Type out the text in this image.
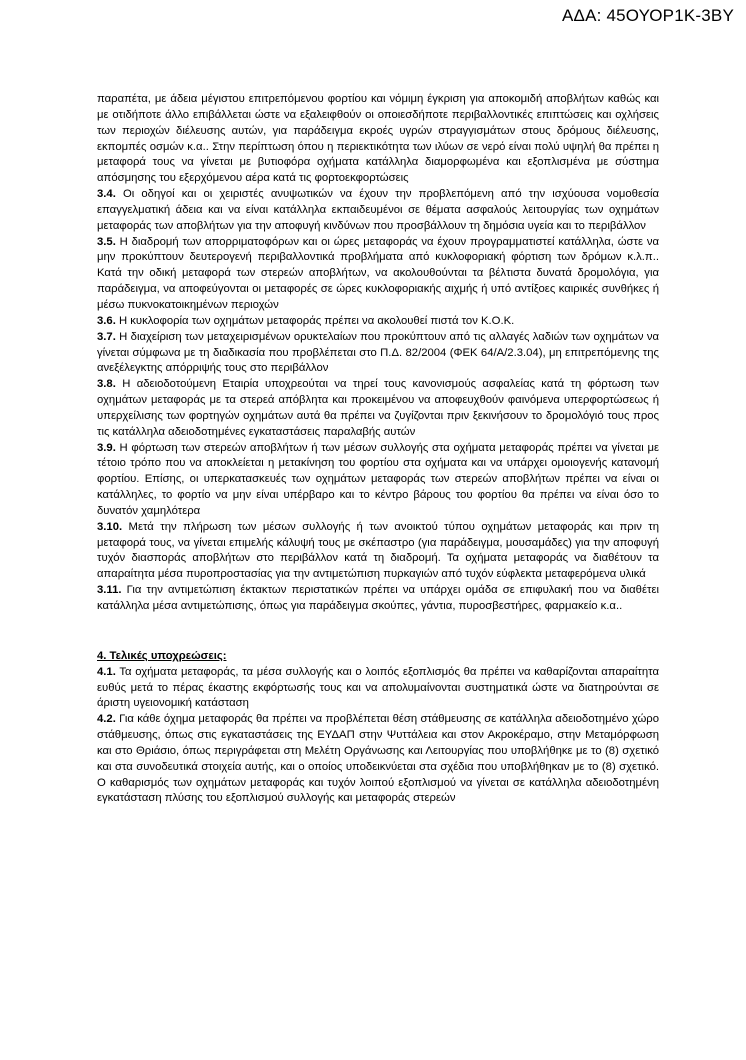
ΑΔΑ: 45ΟΥΟΡ1Κ-3ΒΥ

παραπέτα, με άδεια μέγιστου επιτρεπόμενου φορτίου και νόμιμη έγκριση για αποκομιδή αποβλήτων καθώς και με οτιδήποτε άλλο επιβάλλεται ώστε να εξαλειφθούν οι οποιεσδήποτε περιβαλλοντικές επιπτώσεις και οχλήσεις των περιοχών διέλευσης αυτών, για παράδειγμα εκροές υγρών στραγγισμάτων στους δρόμους διέλευσης, εκπομπές οσμών κ.α.. Στην περίπτωση όπου η περιεκτικότητα των ιλύων σε νερό είναι πολύ υψηλή θα πρέπει η μεταφορά τους να γίνεται με βυτιοφόρα οχήματα κατάλληλα διαμορφωμένα και εξοπλισμένα με σύστημα απόσμησης του εξερχόμενου αέρα κατά τις φορτοεκφορτώσεις

3.4. Οι οδηγοί και οι χειριστές ανυψωτικών να έχουν την προβλεπόμενη από την ισχύουσα νομοθεσία επαγγελματική άδεια και να είναι κατάλληλα εκπαιδευμένοι σε θέματα ασφαλούς λειτουργίας των οχημάτων μεταφοράς των αποβλήτων για την αποφυγή κινδύνων που προσβάλλουν τη δημόσια υγεία και το περιβάλλον

3.5. Η διαδρομή των απορριματοφόρων και οι ώρες μεταφοράς να έχουν προγραμματιστεί κατάλληλα, ώστε να μην προκύπτουν δευτερογενή περιβαλλοντικά προβλήματα από κυκλοφοριακή φόρτιση των δρόμων κ.λ.π.. Κατά την οδική μεταφορά των στερεών αποβλήτων, να ακολουθούνται τα βέλτιστα δυνατά δρομολόγια, για παράδειγμα, να αποφεύγονται οι μεταφορές σε ώρες κυκλοφοριακής αιχμής ή υπό αντίξοες καιρικές συνθήκες ή μέσω πυκνοκατοικημένων περιοχών

3.6. Η κυκλοφορία των οχημάτων μεταφοράς πρέπει να ακολουθεί πιστά τον Κ.Ο.Κ.

3.7. Η διαχείριση των μεταχειρισμένων ορυκτελαίων που προκύπτουν από τις αλλαγές λαδιών των οχημάτων να γίνεται σύμφωνα με τη διαδικασία που προβλέπεται στο Π.Δ. 82/2004 (ΦΕΚ 64/Α/2.3.04), μη επιτρεπόμενης της ανεξέλεγκτης απόρριψής τους στο περιβάλλον

3.8. Η αδειοδοτούμενη Εταιρία υποχρεούται να τηρεί τους κανονισμούς ασφαλείας κατά τη φόρτωση των οχημάτων μεταφοράς με τα στερεά απόβλητα και προκειμένου να αποφευχθούν φαινόμενα υπερφορτώσεως ή υπερχείλισης των φορτηγών οχημάτων αυτά θα πρέπει να ζυγίζονται πριν ξεκινήσουν το δρομολόγιό τους προς τις κατάλληλα αδειοδοτημένες εγκαταστάσεις παραλαβής αυτών

3.9. Η φόρτωση των στερεών αποβλήτων ή των μέσων συλλογής στα οχήματα μεταφοράς πρέπει να γίνεται με τέτοιο τρόπο που να αποκλείεται η μετακίνηση του φορτίου στα οχήματα και να υπάρχει ομοιογενής κατανομή φορτίου. Επίσης, οι υπερκατασκευές των οχημάτων μεταφοράς των στερεών αποβλήτων πρέπει να είναι οι κατάλληλες, το φορτίο να μην είναι υπέρβαρο και το κέντρο βάρους του φορτίου θα πρέπει να είναι όσο το δυνατόν χαμηλότερα

3.10. Μετά την πλήρωση των μέσων συλλογής ή των ανοικτού τύπου οχημάτων μεταφοράς και πριν τη μεταφορά τους, να γίνεται επιμελής κάλυψή τους με σκέπαστρο (για παράδειγμα, μουσαμάδες) για την αποφυγή τυχόν διασποράς αποβλήτων στο περιβάλλον κατά τη διαδρομή. Τα οχήματα μεταφοράς να διαθέτουν τα απαραίτητα μέσα πυροπροστασίας για την αντιμετώπιση πυρκαγιών από τυχόν εύφλεκτα μεταφερόμενα υλικά

3.11. Για την αντιμετώπιση έκτακτων περιστατικών πρέπει να υπάρχει ομάδα σε επιφυλακή που να διαθέτει κατάλληλα μέσα αντιμετώπισης, όπως για παράδειγμα σκούπες, γάντια, πυροσβεστήρες, φαρμακείο κ.α..

4. Τελικές υποχρεώσεις:

4.1. Τα οχήματα μεταφοράς, τα μέσα συλλογής και ο λοιπός εξοπλισμός θα πρέπει να καθαρίζονται απαραίτητα ευθύς μετά το πέρας έκαστης εκφόρτωσής τους και να απολυμαίνονται συστηματικά ώστε να διατηρούνται σε άριστη υγειονομική κατάσταση

4.2. Για κάθε όχημα μεταφοράς θα πρέπει να προβλέπεται θέση στάθμευσης σε κατάλληλα αδειοδοτημένο χώρο στάθμευσης, όπως στις εγκαταστάσεις της ΕΥΔΑΠ στην Ψυττάλεια και στον Ακροκέραμο, στην Μεταμόρφωση και στο Θριάσιο, όπως περιγράφεται στη Μελέτη Οργάνωσης και Λειτουργίας που υποβλήθηκε με το (8) σχετικό και στα συνοδευτικά στοιχεία αυτής, και ο οποίος υποδεικνύεται στα σχέδια που υποβλήθηκαν με το (8) σχετικό. Ο καθαρισμός των οχημάτων μεταφοράς και τυχόν λοιπού εξοπλισμού να γίνεται σε κατάλληλα αδειοδοτημένη εγκατάσταση πλύσης του εξοπλισμού συλλογής και μεταφοράς στερεών
